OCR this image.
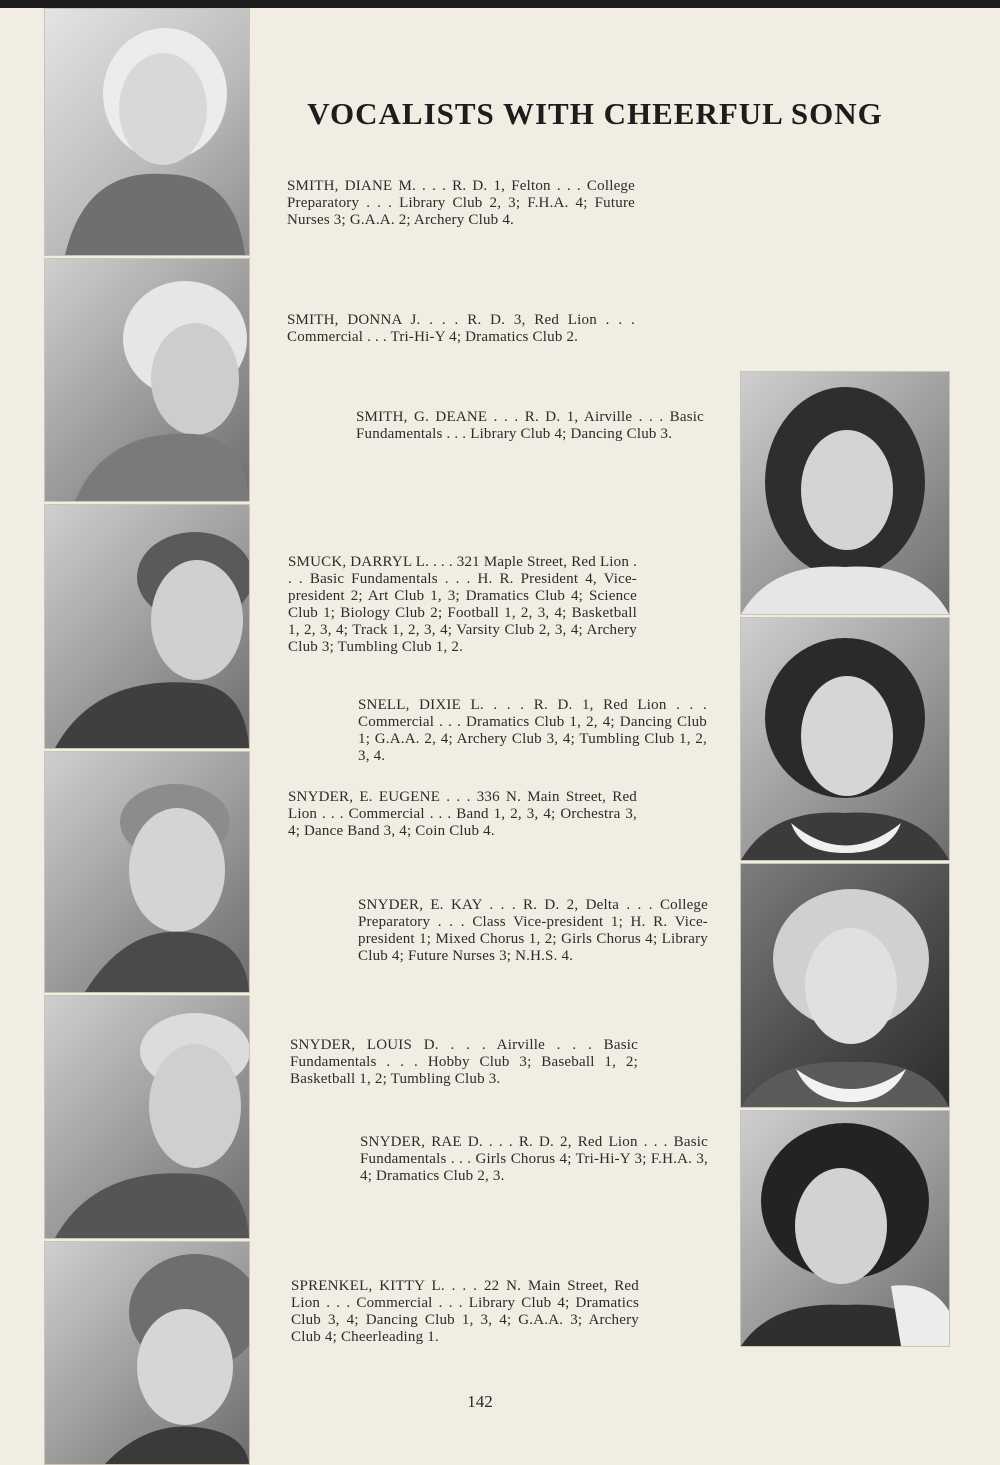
VOCALISTS WITH CHEERFUL SONG
SMITH, DIANE M. . . . R. D. 1, Felton . . . College Preparatory . . . Library Club 2, 3; F.H.A. 4; Future Nurses 3; G.A.A. 2; Archery Club 4.
SMITH, DONNA J. . . . R. D. 3, Red Lion . . . Commercial . . . Tri-Hi-Y 4; Dramatics Club 2.
SMITH, G. DEANE . . . R. D. 1, Airville . . . Basic Fundamentals . . . Library Club 4; Dancing Club 3.
SMUCK, DARRYL L. . . . 321 Maple Street, Red Lion . . . Basic Fundamentals . . . H. R. President 4, Vice-president 2; Art Club 1, 3; Dramatics Club 4; Science Club 1; Biology Club 2; Football 1, 2, 3, 4; Basketball 1, 2, 3, 4; Track 1, 2, 3, 4; Varsity Club 2, 3, 4; Archery Club 3; Tumbling Club 1, 2.
SNELL, DIXIE L. . . . R. D. 1, Red Lion . . . Commercial . . . Dramatics Club 1, 2, 4; Dancing Club 1; G.A.A. 2, 4; Archery Club 3, 4; Tumbling Club 1, 2, 3, 4.
SNYDER, E. EUGENE . . . 336 N. Main Street, Red Lion . . . Commercial . . . Band 1, 2, 3, 4; Orchestra 3, 4; Dance Band 3, 4; Coin Club 4.
SNYDER, E. KAY . . . R. D. 2, Delta . . . College Preparatory . . . Class Vice-president 1; H. R. Vice-president 1; Mixed Chorus 1, 2; Girls Chorus 4; Library Club 4; Future Nurses 3; N.H.S. 4.
SNYDER, LOUIS D. . . . Airville . . . Basic Fundamentals . . . Hobby Club 3; Baseball 1, 2; Basketball 1, 2; Tumbling Club 3.
SNYDER, RAE D. . . . R. D. 2, Red Lion . . . Basic Fundamentals . . . Girls Chorus 4; Tri-Hi-Y 3; F.H.A. 3, 4; Dramatics Club 2, 3.
SPRENKEL, KITTY L. . . . 22 N. Main Street, Red Lion . . . Commercial . . . Library Club 4; Dramatics Club 3, 4; Dancing Club 1, 3, 4; G.A.A. 3; Archery Club 4; Cheerleading 1.
142
